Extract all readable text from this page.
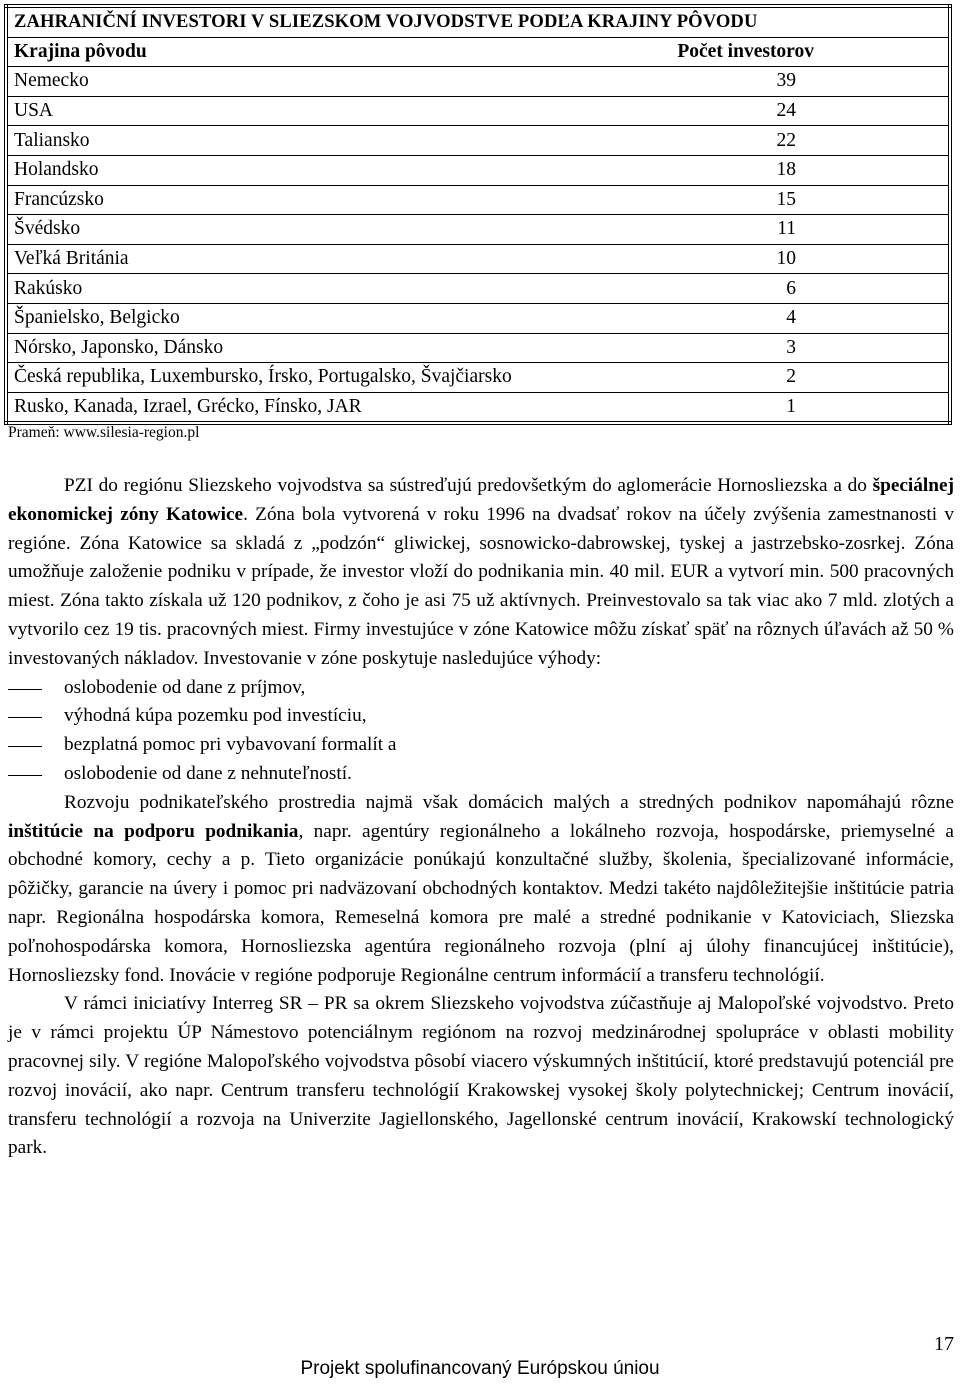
ZAHRANIČNÍ INVESTORI V SLIEZSKOM VOJVODSTVE PODĽA KRAJINY PÔVODU	
Krajina pôvodu	Počet investorov
Nemecko	39
USA	24
Taliansko	22
Holandsko	18
Francúzsko	15
Švédsko	11
Veľká Británia	10
Rakúsko	6
Španielsko, Belgicko	4
Nórsko, Japonsko, Dánsko	3
Česká republika, Luxembursko, Írsko, Portugalsko, Švajčiarsko	2
Rusko, Kanada, Izrael, Grécko, Fínsko, JAR	1
Prameň: www.silesia-region.pl

PZI do regiónu Sliezskeho vojvodstva sa sústreďujú predovšetkým do aglomerácie Hornosliezska a do špeciálnej ekonomickej zóny Katowice. Zóna bola vytvorená v roku 1996 na dvadsať rokov na účely zvýšenia zamestnanosti v regióne. Zóna Katowice sa skladá z „podzón“ gliwickej, sosnowicko-dabrowskej, tyskej a jastrzebsko-zosrkej. Zóna umožňuje založenie podniku v prípade, že investor vloží do podnikania min. 40 mil. EUR a vytvorí min. 500 pracovných miest. Zóna takto získala už 120 podnikov, z čoho je asi 75 už aktívnych. Preinvestovalo sa tak viac ako 7 mld. zlotých a vytvorilo cez 19 tis. pracovných miest. Firmy investujúce v zóne Katowice môžu získať späť na rôznych úľavách až 50 % investovaných nákladov. Investovanie v zóne poskytuje nasledujúce výhody:

oslobodenie od dane z príjmov,
výhodná kúpa pozemku pod investíciu,
bezplatná pomoc pri vybavovaní formalít a
oslobodenie od dane z nehnuteľností.

Rozvoju podnikateľského prostredia najmä však domácich malých a stredných podnikov napomáhajú rôzne inštitúcie na podporu podnikania, napr. agentúry regionálneho a lokálneho rozvoja, hospodárske, priemyselné a obchodné komory, cechy a p. Tieto organizácie ponúkajú konzultačné služby, školenia, špecializované informácie, pôžičky, garancie na úvery i pomoc pri nadväzovaní obchodných kontaktov. Medzi takéto najdôležitejšie inštitúcie patria napr. Regionálna hospodárska komora, Remeselná komora pre malé a stredné podnikanie v Katoviciach, Sliezska poľnohospodárska komora, Hornosliezska agentúra regionálneho rozvoja (plní aj úlohy financujúcej inštitúcie), Hornosliezsky fond. Inovácie v regióne podporuje Regionálne centrum informácií a transferu technológií.

V rámci iniciatívy Interreg SR – PR sa okrem Sliezskeho vojvodstva zúčastňuje aj Malopoľské vojvodstvo. Preto je v rámci projektu ÚP Námestovo potenciálnym regiónom na rozvoj medzinárodnej spolupráce v oblasti mobility pracovnej sily. V regióne Malopoľského vojvodstva pôsobí viacero výskumných inštitúcií, ktoré predstavujú potenciál pre rozvoj inovácií, ako napr. Centrum transferu technológií Krakowskej vysokej školy polytechnickej; Centrum inovácií, transferu technológií a rozvoja na Univerzite Jagiellonského, Jagellonské centrum inovácií, Krakowskí technologický park.

17
Projekt spolufinancovaný Európskou úniou
